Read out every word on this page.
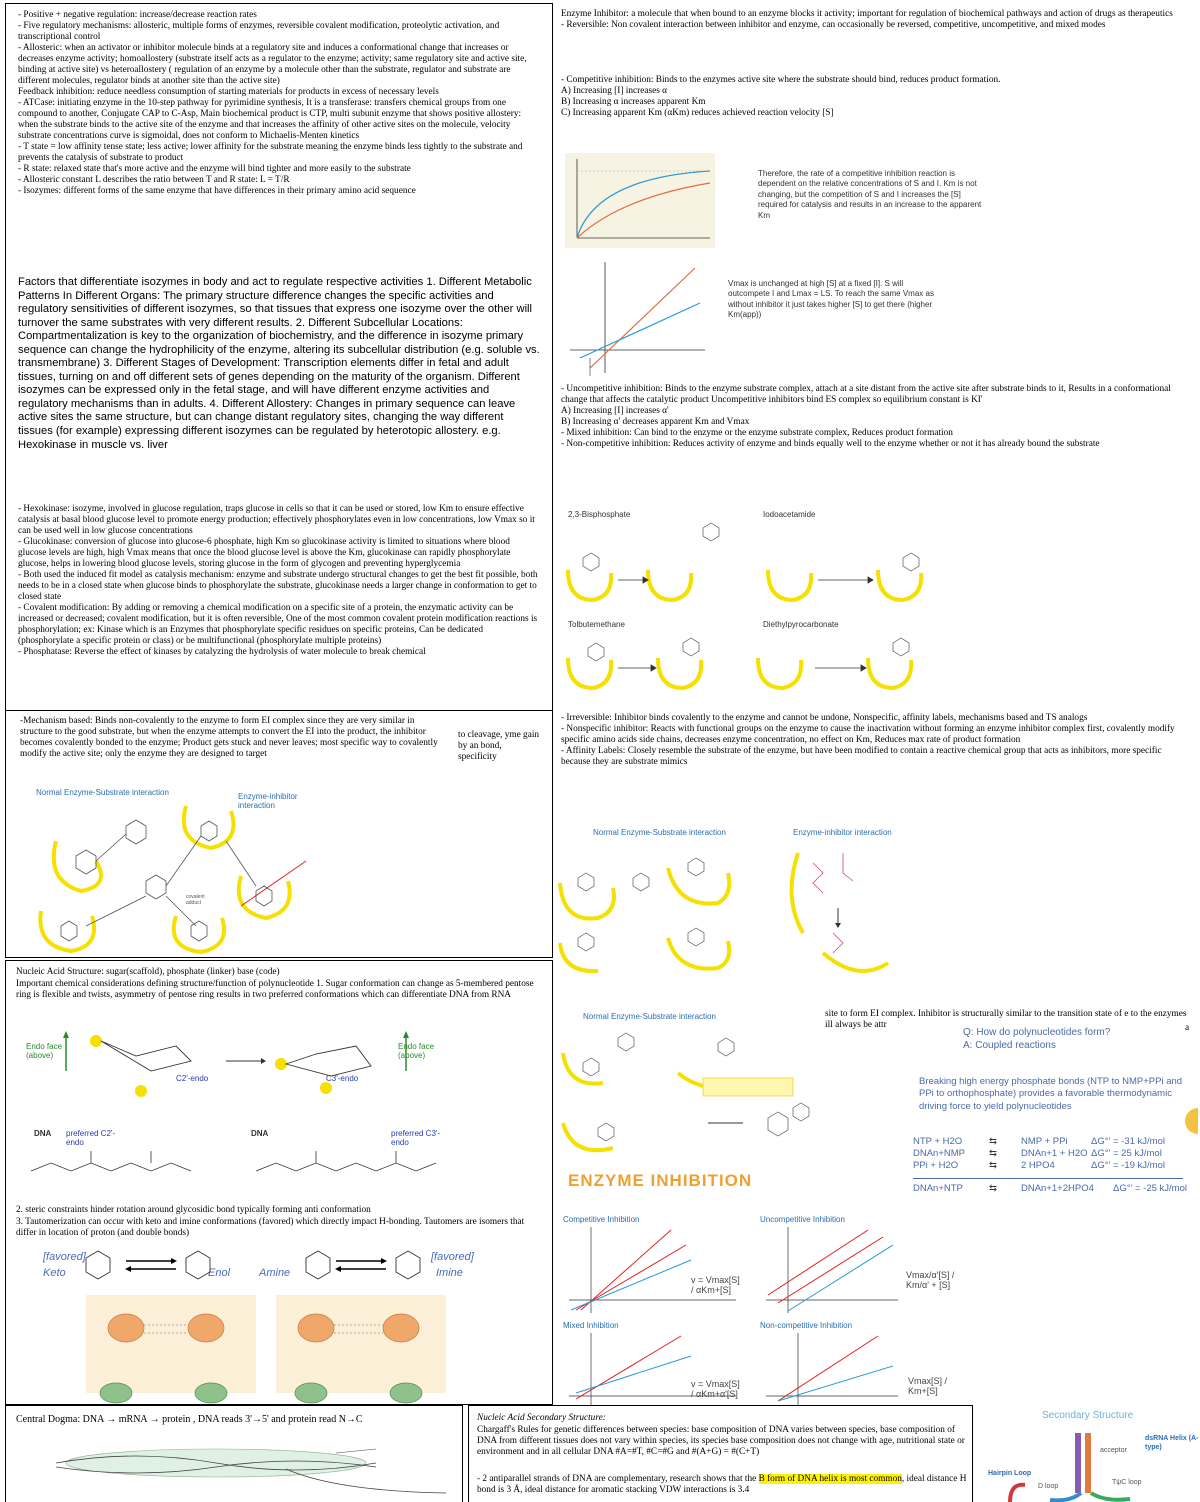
- Positive + negative regulation: increase/decrease reaction rates

- Five regulatory mechanisms: allosteric, multiple forms of enzymes, reversible covalent modification, proteolytic activation, and transcriptional control

- Allosteric: when an activator or inhibitor molecule binds at a regulatory site and induces a conformational change that increases or decreases enzyme activity; homoallostery (substrate itself acts as a regulator to the enzyme; activity; same regulatory site and active site, binding at active site) vs heteroallostery ( regulation of an enzyme by a molecule other than the substrate, regulator and substrate are different molecules, regulator binds at another site than the active site)

Feedback inhibition: reduce needless consumption of starting materials for products in excess of necessary levels

- ATCase: initiating enzyme in the 10-step pathway for pyrimidine synthesis, It is a transferase: transfers chemical groups from one compound to another, Conjugate CAP to C-Asp, Main biochemical product is CTP, multi subunit enzyme that shows positive allostery: when the substrate binds to the active site of the enzyme and that increases the affinity of other active sites on the molecule, velocity substrate concentrations curve is sigmoidal, does not conform to Michaelis-Menten kinetics

- T state = low affinity tense state; less active; lower affinity for the substrate meaning the enzyme binds less tightly to the substrate and prevents the catalysis of substrate to product

- R state: relaxed state that's more active and the enzyme will bind tighter and more easily to the substrate

- Allosteric constant L describes the ratio between T and R state: L = T/R

- Isozymes: different forms of the same enzyme that have differences in their primary amino acid sequence

Factors that differentiate isozymes in body and act to regulate respective activities 1. Different Metabolic Patterns In Different Organs: The primary structure difference changes the specific activities and regulatory sensitivities of different isozymes, so that tissues that express one isozyme over the other will turnover the same substrates with very different results. 2. Different Subcellular Locations: Compartmentalization is key to the organization of biochemistry, and the difference in isozyme primary sequence can change the hydrophilicity of the enzyme, altering its subcellular distribution (e.g. soluble vs. transmembrane) 3. Different Stages of Development: Transcription elements differ in fetal and adult tissues, turning on and off different sets of genes depending on the maturity of the organism. Different isozymes can be expressed only in the fetal stage, and will have different enzyme activities and regulatory mechanisms than in adults. 4. Different Allostery: Changes in primary sequence can leave active sites the same structure, but can change distant regulatory sites, changing the way different tissues (for example) expressing different isozymes can be regulated by heterotopic allostery. e.g. Hexokinase in muscle vs. liver

- Hexokinase: isozyme, involved in glucose regulation, traps glucose in cells so that it can be used or stored, low Km to ensure effective catalysis at basal blood glucose level to promote energy production; effectively phosphorylates even in low concentrations, low Vmax so it can be used well in low glucose concentrations

- Glucokinase: conversion of glucose into glucose-6 phosphate, high Km so glucokinase activity is limited to situations where blood glucose levels are high, high Vmax means that once the blood glucose level is above the Km, glucokinase can rapidly phosphorylate glucose, helps in lowering blood glucose levels, storing glucose in the form of glycogen and preventing hyperglycemia

- Both used the induced fit model as catalysis mechanism: enzyme and substrate undergo structural changes to get the best fit possible, both needs to be in a closed state when glucose binds to phosphorylate the substrate, glucokinase needs a larger change in conformation to get to closed state

- Covalent modification: By adding or removing a chemical modification on a specific site of a protein, the enzymatic activity can be increased or decreased; covalent modification, but it is often reversible, One of the most common covalent protein modification reactions is phosphorylation; ex: Kinase which is an Enzymes that phosphorylate specific residues on specific proteins, Can be dedicated (phosphorylate a specific protein or class) or be multifunctional (phosphorylate multiple proteins)

- Phosphatase: Reverse the effect of kinases by catalyzing the hydrolysis of water molecule to break chemical

-Mechanism based: Binds non-covalently to the enzyme to form EI complex since they are very similar in structure to the good substrate, but when the enzyme attempts to convert the EI into the product, the inhibitor becomes covalently bonded to the enzyme; Product gets stuck and never leaves; most specific way to covalently modify the active site; only the enzyme they are designed to target

to cleavage, yme gain by an bond, specificity

Normal Enzyme-Substrate interaction	Enzyme-inhibitor interaction
covalent
adduct

Enzyme Inhibitor: a molecule that when bound to an enzyme blocks it activity; important for regulation of biochemical pathways and action of drugs as therapeutics

- Reversible: Non covalent interaction between inhibitor and enzyme, can occasionally be reversed, competitive, uncompetitive, and mixed modes

- Competitive inhibition: Binds to the enzymes active site where the substrate should bind, reduces product formation.

A) Increasing [I] increases α

B) Increasing α increases apparent Km

C) Increasing apparent Km (αKm) reduces achieved reaction velocity [S]

Therefore, the rate of a competitive inhibition reaction is dependent on the relative concentrations of S and I. Km is not changing, but the competition of S and I increases the [S] required for catalysis and results in an increase to the apparent Km

Vmax is unchanged at high [S] at a fixed [I]. S will outcompete I and Lmax = LS. To reach the same Vmax as without inhibitor it just takes higher [S] to get there (higher Km(app))

- Uncompetitive inhibition: Binds to the enzyme substrate complex, attach at a site distant from the active site after substrate binds to it, Results in a conformational change that affects the catalytic product Uncompetitive inhibitors bind ES complex so equilibrium constant is KI'

A) Increasing [I] increases α'

B) Increasing α' decreases apparent Km and Vmax

- Mixed inhibition: Can bind to the enzyme or the enzyme substrate complex, Reduces product formation

- Non-competitive inhibition: Reduces activity of enzyme and binds equally well to the enzyme whether or not it has already bound the substrate

2,3-Bisphosphate	Iodoacetamide
Tolbutemethane	Diethylpyrocarbonate

- Irreversible: Inhibitor binds covalently to the enzyme and cannot be undone, Nonspecific, affinity labels, mechanisms based and TS analogs

- Nonspecific inhibitor: Reacts with functional groups on the enzyme to cause the inactivation without forming an enzyme inhibitor complex first, covalently modify specific amino acids side chains, decreases enzyme concentration, no effect on Km, Reduces max rate of product formation

- Affinity Labels: Closely resemble the substrate of the enzyme, but have been modified to contain a reactive chemical group that acts as inhibitors, more specific because they are substrate mimics

Normal Enzyme-Substrate interaction	Enzyme-inhibitor interaction

Nucleic Acid Structure: sugar(scaffold), phosphate (linker) base (code)

Important chemical considerations defining structure/function of polynucleotide 1. Sugar conformation can change as 5-membered pentose ring is flexible and twists, asymmetry of pentose ring results in two preferred conformations which can differentiate DNA from RNA

Endo face (above)
Endo face (above)
C2'-endo	C3'-endo
DNA preferred C2'-endo
DNA	preferred C3'-endo

2. steric constraints hinder rotation around glycosidic bond typically forming anti conformation

3. Tautomerization can occur with keto and imine conformations (favored) which directly impact H-bonding. Tautomers are isomers that differ in location of proton (and double bonds)

[favored]
Keto	Enol	Amine
[favored]
Imine
Normal Enzyme-Substrate interaction	site to form EI complex. Inhibitor is structurally similar to the transition state of e to the enzymes ill always be attr	a

Q: How do polynucleotides form?

A: Coupled reactions

Breaking high energy phosphate bonds (NTP to NMP+PPi and PPi to orthophosphate) provides a favorable thermodynamic driving force to yield polynucleotides

NTP + H2O	⇆	NMP + PPi ΔG°' = -31 kJ/mol
DNAn+NMP	⇆	DNAn+1 + H2O ΔG°' = 25 kJ/mol
PPi + H2O	⇆	2 HPO4	ΔG°' = -19 kJ/mol
DNAn+NTP	⇆	DNAn+1+2HPO4 ΔG°' = -25 kJ/mol
ENZYME INHIBITION
Competitive Inhibition
v = Vmax[S] / αKm+[S]
Uncompetitive Inhibition
Vmax/α'[S] / Km/α' + [S]
Mixed Inhibition
v = Vmax[S] / αKm+α'[S]
Non-competitive Inhibition
Vmax[S] / Km+[S]

Central Dogma: DNA → mRNA → protein , DNA reads 3'→5' and protein read N→C	Nucleic Acid Secondary Structure:

Chargaff's Rules for genetic differences between species: base composition of DNA varies between species, base composition of DNA from different tissues does not vary within species, its species base composition does not change with age, nutritional state or environment and in all cellular DNA #A=#T, #C=#G and #(A+G) = #(C+T)

- 2 antiparallel strands of DNA are complementary, research shows that the B form of DNA helix is most common, ideal distance H bond is 3 Å, ideal distance for aromatic stacking VDW interactions is 3.4

Secondary Structure
dsRNA Helix (A-type)
Hairpin Loop
D loop
acceptor
TψC loop
